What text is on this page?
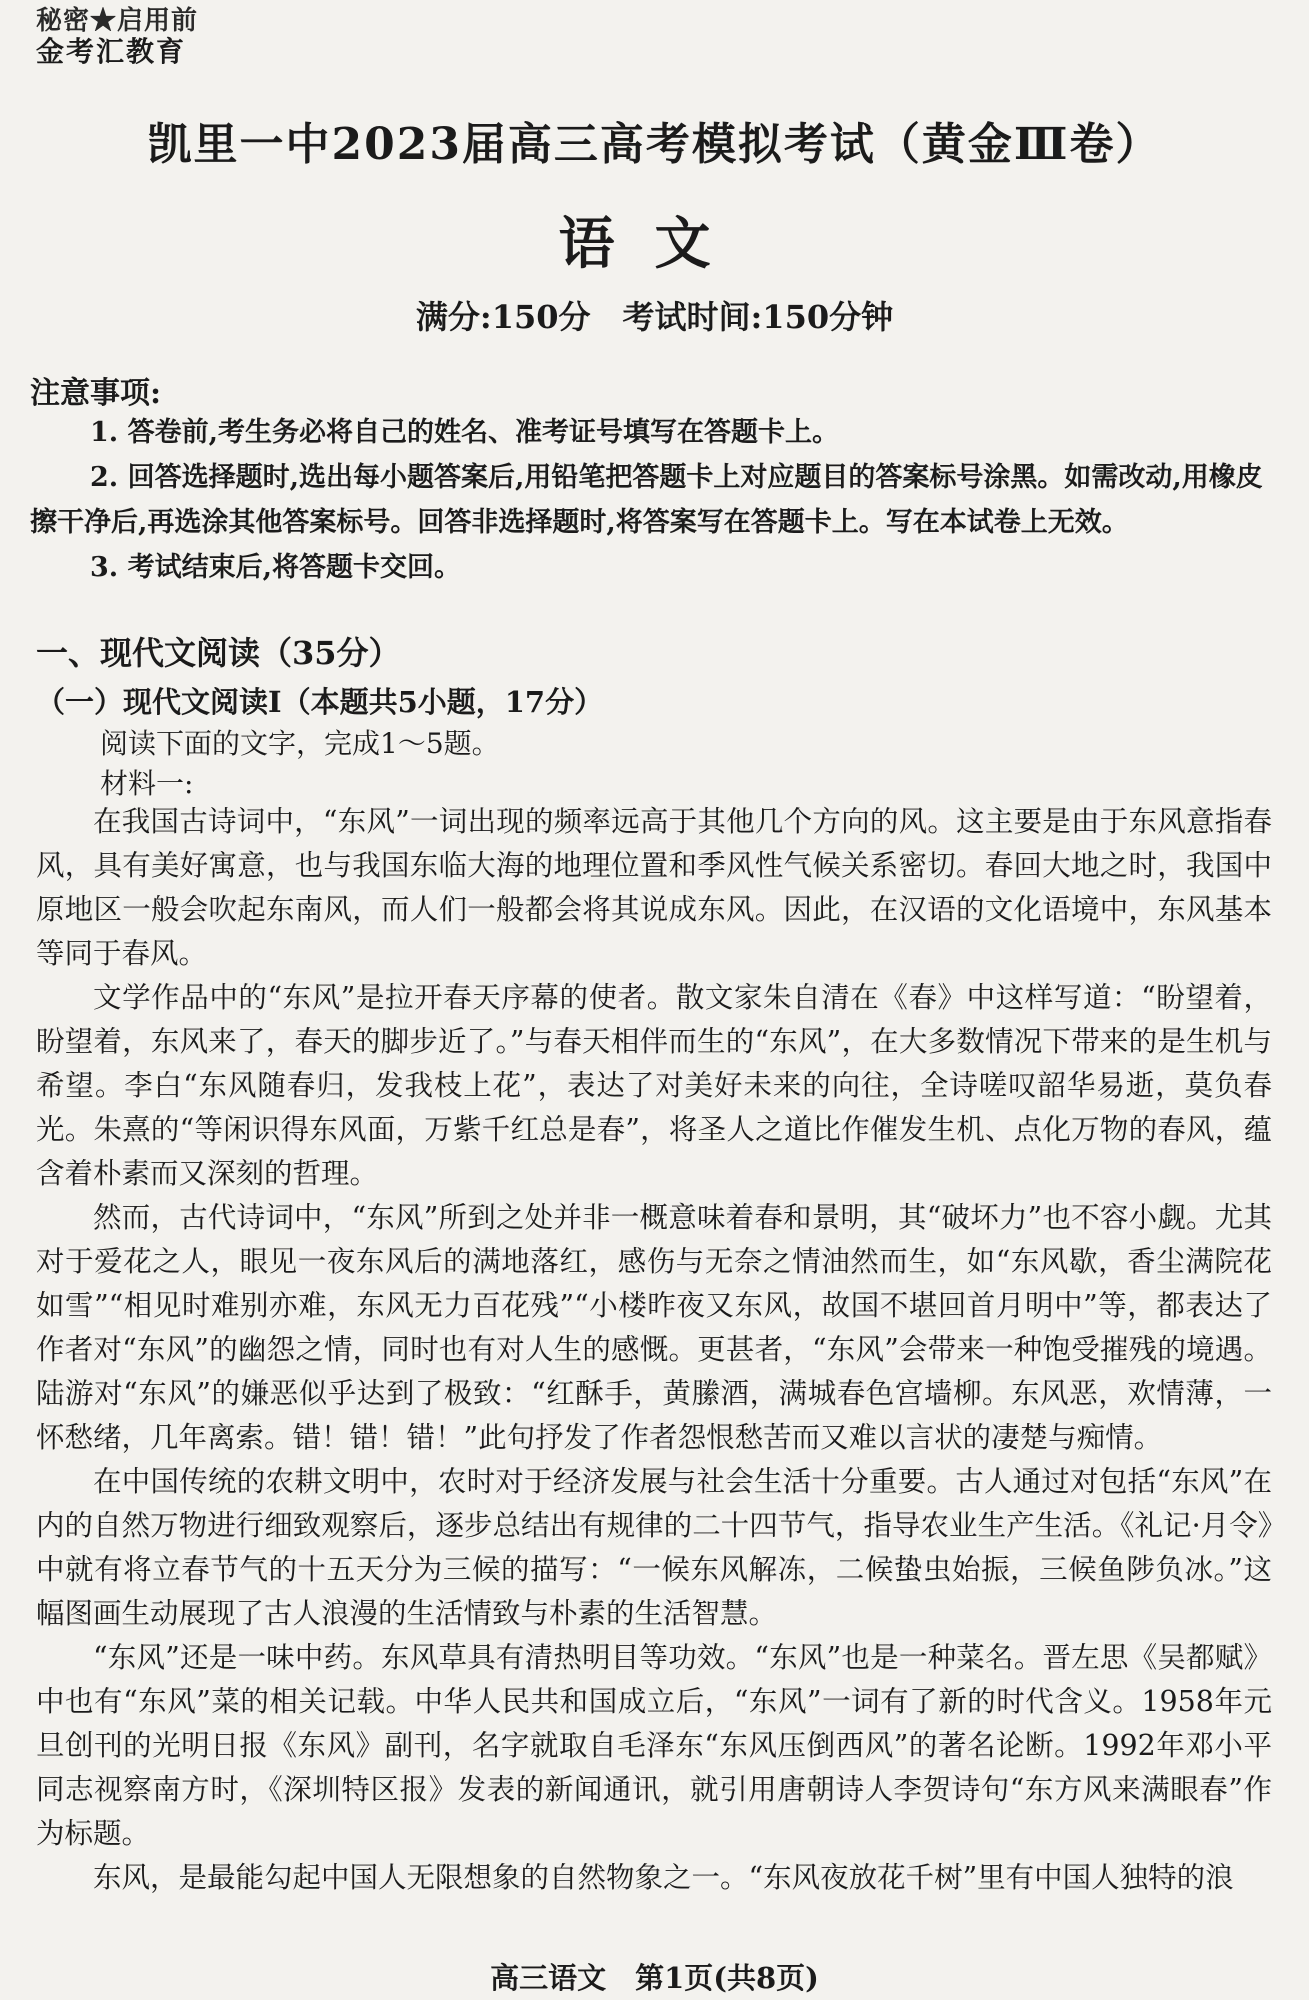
秘密★启用前
金考汇教育
凯里一中2023届高三高考模拟考试（黄金Ⅲ卷）
语文
满分:150分　考试时间:150分钟
注意事项:
1. 答卷前,考生务必将自己的姓名、准考证号填写在答题卡上。
2. 回答选择题时,选出每小题答案后,用铅笔把答题卡上对应题目的答案标号涂黑。如需改动,用橡皮擦干净后,再选涂其他答案标号。回答非选择题时,将答案写在答题卡上。写在本试卷上无效。
3. 考试结束后,将答题卡交回。
一、现代文阅读（35分）
（一）现代文阅读Ⅰ（本题共5小题，17分）
阅读下面的文字，完成1～5题。
材料一:

在我国古诗词中，“东风”一词出现的频率远高于其他几个方向的风。这主要是由于东风意指春风，具有美好寓意，也与我国东临大海的地理位置和季风性气候关系密切。春回大地之时，我国中原地区一般会吹起东南风，而人们一般都会将其说成东风。因此，在汉语的文化语境中，东风基本等同于春风。

文学作品中的“东风”是拉开春天序幕的使者。散文家朱自清在《春》中这样写道：“盼望着，盼望着，东风来了，春天的脚步近了。”与春天相伴而生的“东风”，在大多数情况下带来的是生机与希望。李白“东风随春归，发我枝上花”，表达了对美好未来的向往，全诗嗟叹韶华易逝，莫负春光。朱熹的“等闲识得东风面，万紫千红总是春”，将圣人之道比作催发生机、点化万物的春风，蕴含着朴素而又深刻的哲理。

然而，古代诗词中，“东风”所到之处并非一概意味着春和景明，其“破坏力”也不容小觑。尤其对于爱花之人，眼见一夜东风后的满地落红，感伤与无奈之情油然而生，如“东风歇，香尘满院花如雪”“相见时难别亦难，东风无力百花残”“小楼昨夜又东风，故国不堪回首月明中”等，都表达了作者对“东风”的幽怨之情，同时也有对人生的感慨。更甚者，“东风”会带来一种饱受摧残的境遇。陆游对“东风”的嫌恶似乎达到了极致：“红酥手，黄縢酒，满城春色宫墙柳。东风恶，欢情薄，一怀愁绪，几年离索。错！错！错！”此句抒发了作者怨恨愁苦而又难以言状的凄楚与痴情。

在中国传统的农耕文明中，农时对于经济发展与社会生活十分重要。古人通过对包括“东风”在内的自然万物进行细致观察后，逐步总结出有规律的二十四节气，指导农业生产生活。《礼记·月令》中就有将立春节气的十五天分为三候的描写：“一候东风解冻，二候蛰虫始振，三候鱼陟负冰。”这幅图画生动展现了古人浪漫的生活情致与朴素的生活智慧。

“东风”还是一味中药。东风草具有清热明目等功效。“东风”也是一种菜名。晋左思《吴都赋》中也有“东风”菜的相关记载。中华人民共和国成立后，“东风”一词有了新的时代含义。1958年元旦创刊的光明日报《东风》副刊，名字就取自毛泽东“东风压倒西风”的著名论断。1992年邓小平同志视察南方时，《深圳特区报》发表的新闻通讯，就引用唐朝诗人李贺诗句“东方风来满眼春”作为标题。

东风，是最能勾起中国人无限想象的自然物象之一。“东风夜放花千树”里有中国人独特的浪

高三语文　第1页(共8页)
